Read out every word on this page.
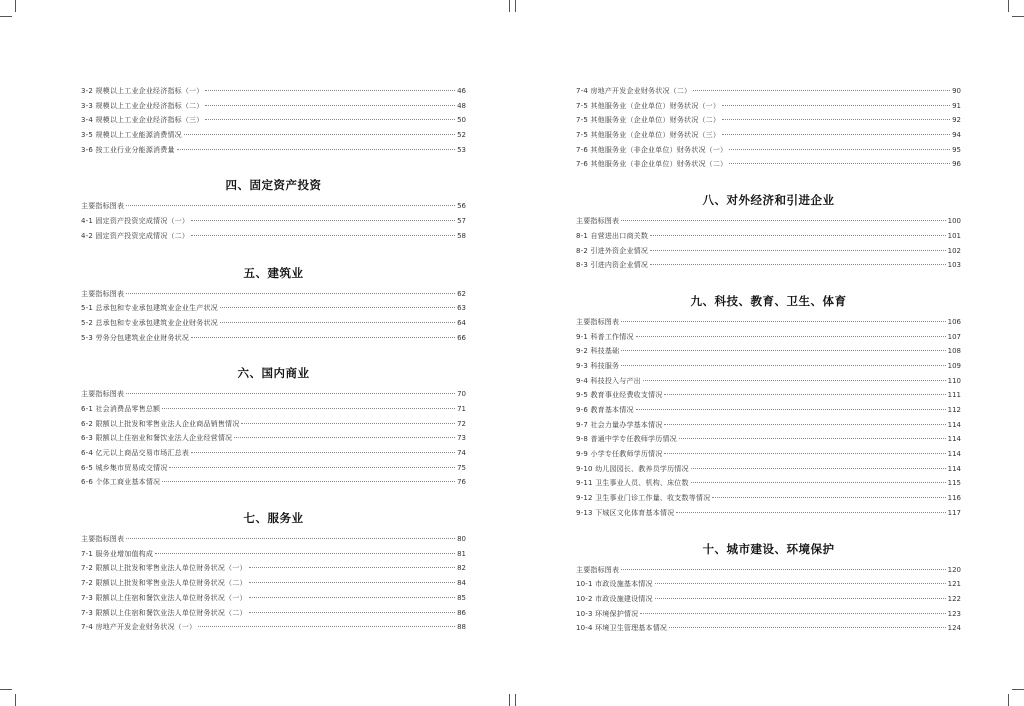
3-2 规模以上工业企业经济指标（一）	46
3-3 规模以上工业企业经济指标（二）	48
3-4 规模以上工业企业经济指标（三）	50
3-5 规模以上工业能源消费情况	52
3-6 按工业行业分能源消费量	53
四、固定资产投资
主要指标图表	56
4-1 固定资产投资完成情况（一）	57
4-2 固定资产投资完成情况（二）	58
五、建筑业
主要指标图表	62
5-1 总承包和专业承包建筑业企业生产状况	63
5-2 总承包和专业承包建筑业企业财务状况	64
5-3 劳务分包建筑业企业财务状况	66
六、国内商业
主要指标图表	70
6-1 社会消费品零售总额	71
6-2 限额以上批发和零售业法人企业商品销售情况	72
6-3 限额以上住宿业和餐饮业法人企业经营情况	73
6-4 亿元以上商品交易市场汇总表	74
6-5 城乡集市贸易成交情况	75
6-6 个体工商业基本情况	76
七、服务业
主要指标图表	80
7-1 服务业增加值构成	81
7-2 限额以上批发和零售业法人单位财务状况（一）	82
7-2 限额以上批发和零售业法人单位财务状况（二）	84
7-3 限额以上住宿和餐饮业法人单位财务状况（一）	85
7-3 限额以上住宿和餐饮业法人单位财务状况（二）	86
7-4 房地产开发企业财务状况（一）	88
7-4 房地产开发企业财务状况（二）	90
7-5 其他服务业（企业单位）财务状况（一）	91
7-5 其他服务业（企业单位）财务状况（二）	92
7-5 其他服务业（企业单位）财务状况（三）	94
7-6 其他服务业（非企业单位）财务状况（一）	95
7-6 其他服务业（非企业单位）财务状况（二）	96
八、对外经济和引进企业
主要指标图表	100
8-1 自营进出口商关数	101
8-2 引进外资企业情况	102
8-3 引进内资企业情况	103
九、科技、教育、卫生、体育
主要指标图表	106
9-1 科普工作情况	107
9-2 科技基础	108
9-3 科技服务	109
9-4 科技投入与产出	110
9-5 教育事业经费收支情况	111
9-6 教育基本情况	112
9-7 社会力量办学基本情况	114
9-8 普通中学专任教师学历情况	114
9-9 小学专任教师学历情况	114
9-10 幼儿园园长、教养员学历情况	114
9-11 卫生事业人员、机构、床位数	115
9-12 卫生事业门诊工作量、收支数等情况	116
9-13 下城区文化体育基本情况	117
十、城市建设、环境保护
主要指标图表	120
10-1 市政设施基本情况	121
10-2 市政设施建设情况	122
10-3 环境保护情况	123
10-4 环境卫生管理基本情况	124
